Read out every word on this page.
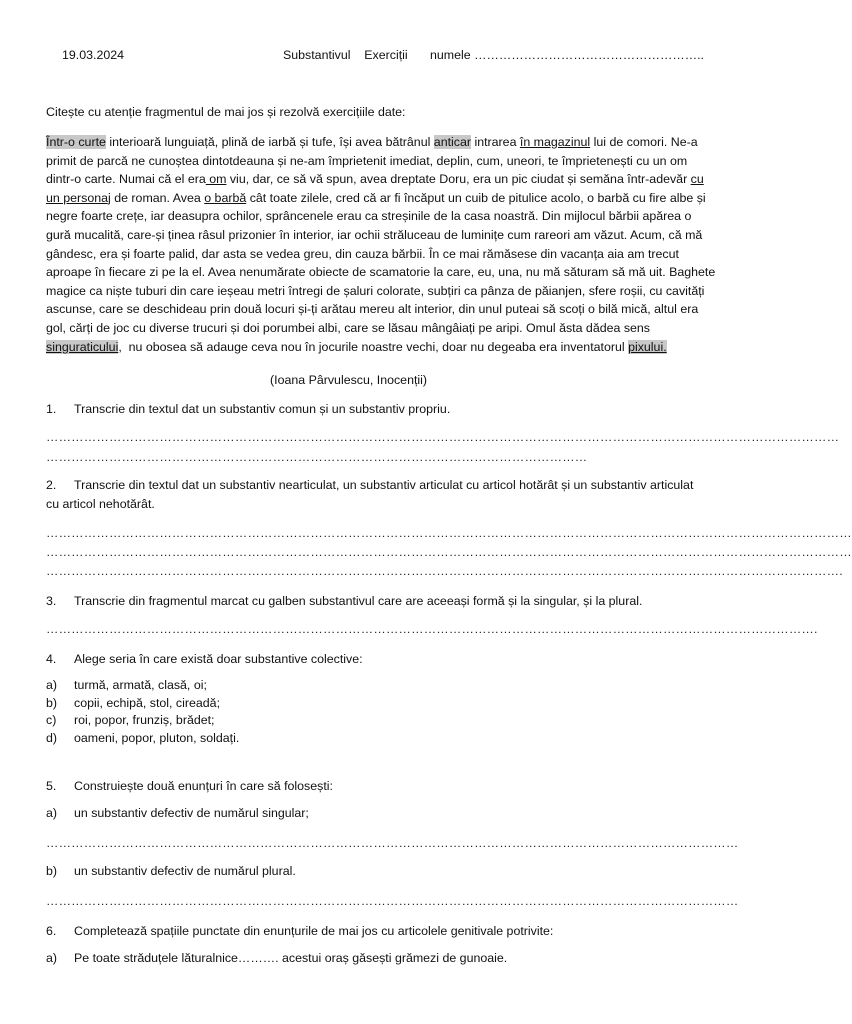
19.03.2024	Substantivul    Exerciții numele ………………………………………………..
Citește cu atenție fragmentul de mai jos și rezolvă exercițiile date:
Într-o curte interioară lunguiață, plină de iarbă și tufe, își avea bătrânul anticar intrarea în magazinul lui de comori. Ne-a
primit de parcă ne cunoștea dintotdeauna și ne-am împrietenit imediat, deplin, cum, uneori, te împrietenești cu un om
dintr-o carte. Numai că el era om viu, dar, ce să vă spun, avea dreptate Doru, era un pic ciudat și semăna într-adevăr cu
un personaj de roman. Avea o barbă cât toate zilele, cred că ar fi încăput un cuib de pitulice acolo, o barbă cu fire albe și
negre foarte crețe, iar deasupra ochilor, sprâncenele erau ca streșinile de la casa noastră. Din mijlocul bărbii apărea o
gură mucalită, care-și ținea râsul prizonier în interior, iar ochii străluceau de luminițe cum rareori am văzut. Acum, că mă
gândesc, era și foarte palid, dar asta se vedea greu, din cauza bărbii. În ce mai rămăsese din vacanța aia am trecut
aproape în fiecare zi pe la el. Avea nenumărate obiecte de scamatorie la care, eu, una, nu mă săturam să mă uit. Baghete
magice ca niște tuburi din care ieșeau metri întregi de șaluri colorate, subțiri ca pânza de păianjen, sfere roșii, cu cavități
ascunse, care se deschideau prin două locuri și-ți arătau mereu alt interior, din unul puteai să scoți o bilă mică, altul era
gol, cărți de joc cu diverse trucuri și doi porumbei albi, care se lăsau mângâiați pe aripi. Omul ăsta dădea sens
singuraticului,  nu obosea să adauge ceva nou în jocurile noastre vechi, doar nu degeaba era inventatorul pixului.
(Ioana Pârvulescu, Inocenții)
1. Transcrie din textul dat un substantiv comun și un substantiv propriu.
………………………………………………………………………………………………………………………………………………………………………
…………………………………………………………………………………………………………………
2. Transcrie din textul dat un substantiv nearticulat, un substantiv articulat cu articol hotărât și un substantiv articulat
cu articol nehotărât.
…………………………………………………………………………………………………………………………………………………………………………
…………………………………………………………………………………………………………………………………………………………………………
……………………………………………………………………………………………………………………………………………………………………….
3. Transcrie din fragmentul marcat cu galben substantivul care are aceeași formă și la singular, și la plural.
………………………………………………………………………………………………………………………………………………………………….
4. Alege seria în care există doar substantive colective:
a) turmă, armată, clasă, oi;
b) copii, echipă, stol, cireadă;
c) roi, popor, frunziș, brădet;
d) oameni, popor, pluton, soldați.
5. Construiește două enunțuri în care să folosești:
a) un substantiv defectiv de numărul singular;
…………………………………………………………………………………………………………………………………………………
b) un substantiv defectiv de numărul plural.
…………………………………………………………………………………………………………………………………………………
6. Completează spațiile punctate din enunțurile de mai jos cu articolele genitivale potrivite:
a) Pe toate străduțele lăturalnice………. acestui oraș găsești grămezi de gunoaie.
